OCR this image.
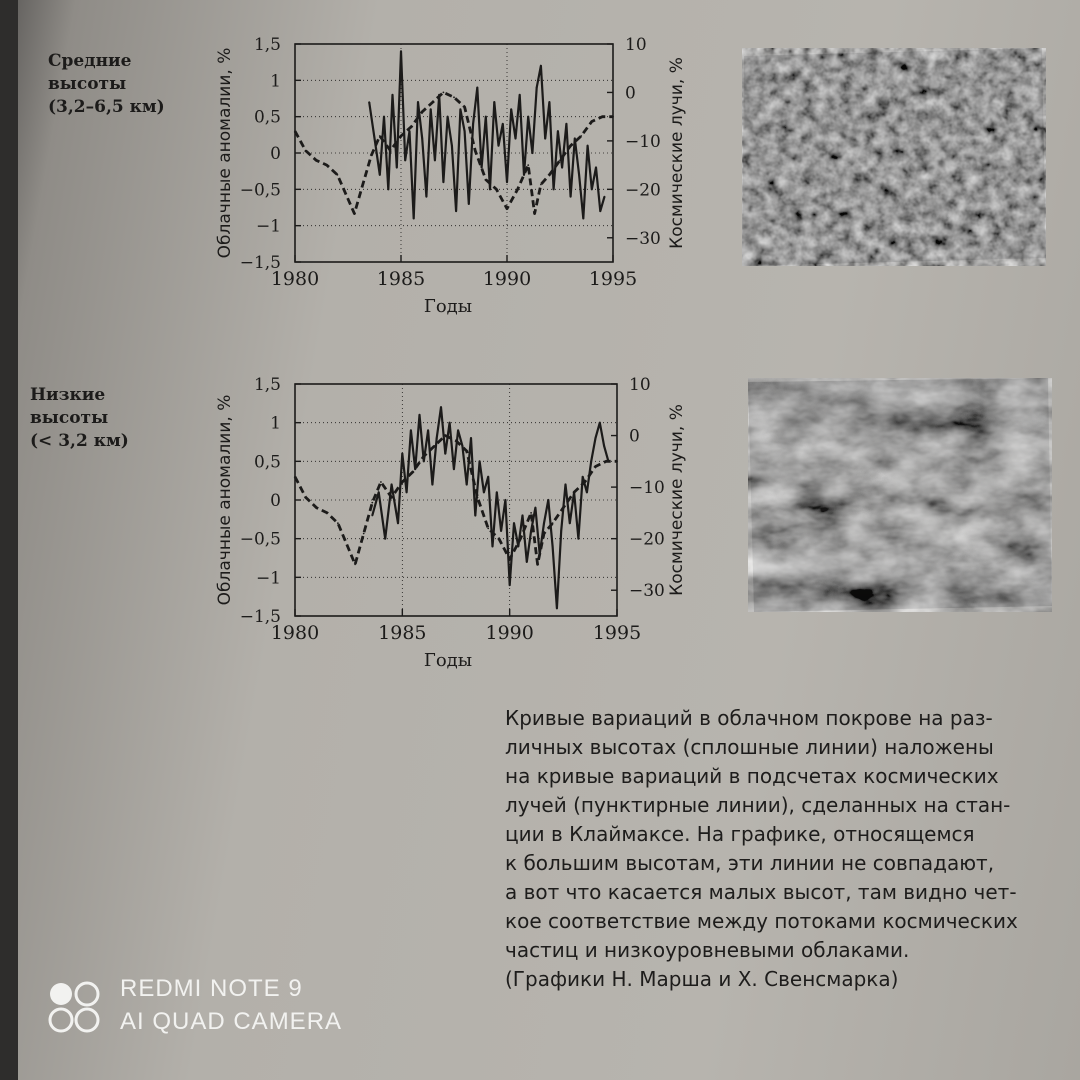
Средние
высоты
(3,2–6,5 км)
Низкие
высоты
(< 3,2 км)
1980	1985	1990	1995
1,5
1
0,5
0
−0,5
−1
−1,5
10
0
−10
−20
−30
Годы
Облачные аномалии, %	Космические лучи, %
1980	1985	1990	1995
1,5
1
0,5
0
−0,5
−1
−1,5
10
0
−10
−20
−30
Годы
Облачные аномалии, %	Космические лучи, %
Кривые вариаций в облачном покрове на раз-
личных высотах (сплошные линии) наложены
на кривые вариаций в подсчетах космических
лучей (пунктирные линии), сделанных на стан-
ции в Клаймаксе. На графике, относящемся
к большим высотам, эти линии не совпадают,
а вот что касается малых высот, там видно чет-
кое соответствие между потоками космических
частиц и низкоуровневыми облаками.
(Графики Н. Марша и Х. Свенсмарка)
REDMI NOTE 9
AI QUAD CAMERA
